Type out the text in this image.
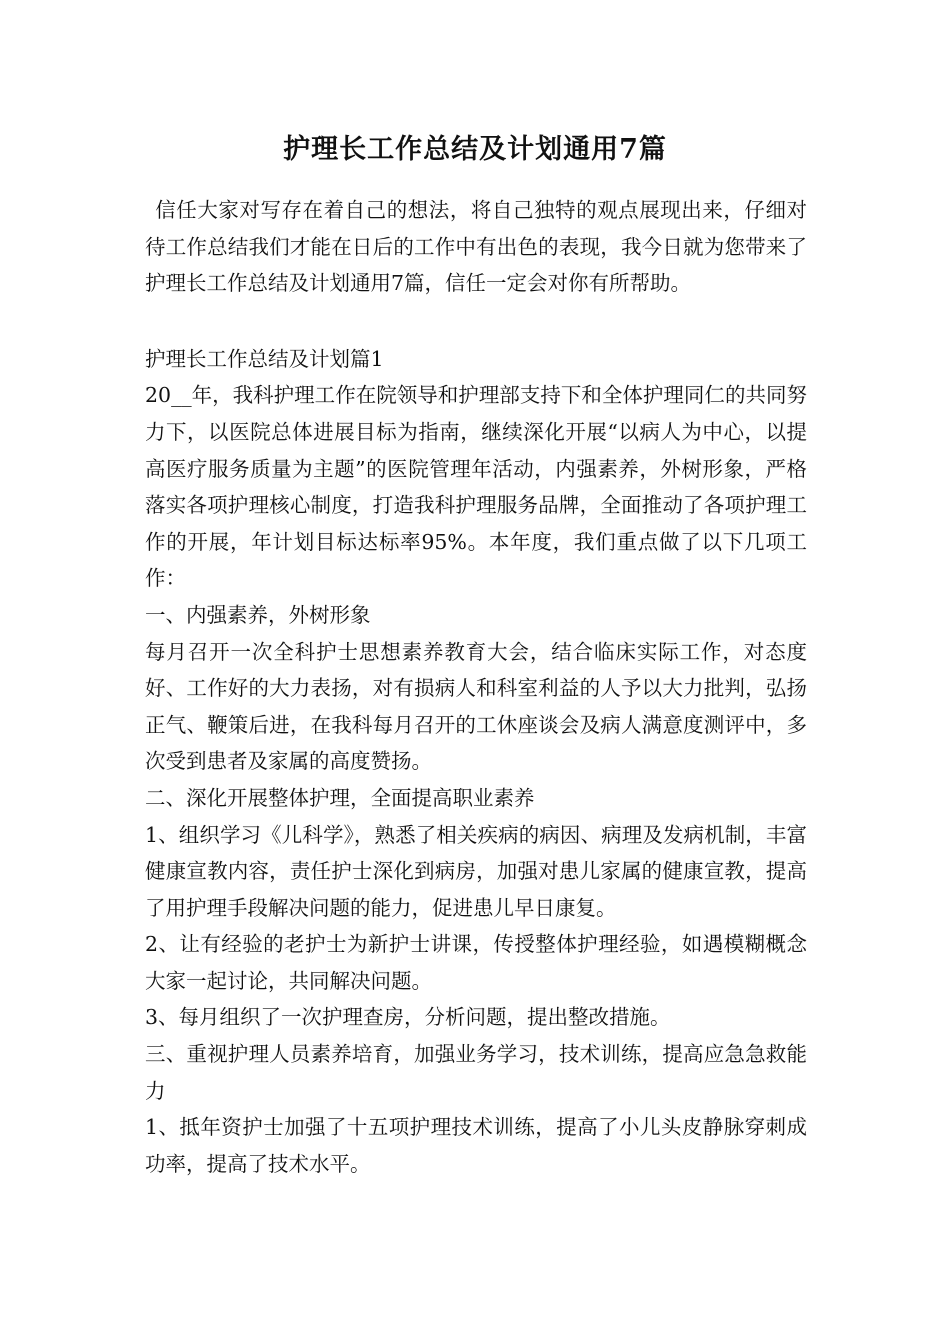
护理长工作总结及计划通用7篇

信任大家对写存在着自己的想法，将自己独特的观点展现出来，仔细对待工作总结我们才能在日后的工作中有出色的表现，我今日就为您带来了护理长工作总结及计划通用7篇，信任一定会对你有所帮助。

护理长工作总结及计划篇1

20__年，我科护理工作在院领导和护理部支持下和全体护理同仁的共同努力下，以医院总体进展目标为指南，继续深化开展“以病人为中心，以提高医疗服务质量为主题”的医院管理年活动，内强素养，外树形象，严格落实各项护理核心制度，打造我科护理服务品牌，全面推动了各项护理工作的开展，年计划目标达标率95%。本年度，我们重点做了以下几项工作：

一、内强素养，外树形象

每月召开一次全科护士思想素养教育大会，结合临床实际工作，对态度好、工作好的大力表扬，对有损病人和科室利益的人予以大力批判，弘扬正气、鞭策后进，在我科每月召开的工休座谈会及病人满意度测评中，多次受到患者及家属的高度赞扬。

二、深化开展整体护理，全面提高职业素养

1、组织学习《儿科学》，熟悉了相关疾病的病因、病理及发病机制，丰富健康宣教内容，责任护士深化到病房，加强对患儿家属的健康宣教，提高了用护理手段解决问题的能力，促进患儿早日康复。

2、让有经验的老护士为新护士讲课，传授整体护理经验，如遇模糊概念大家一起讨论，共同解决问题。

3、每月组织了一次护理查房，分析问题，提出整改措施。

三、重视护理人员素养培育，加强业务学习，技术训练，提高应急急救能力

1、抵年资护士加强了十五项护理技术训练，提高了小儿头皮静脉穿刺成功率，提高了技术水平。
